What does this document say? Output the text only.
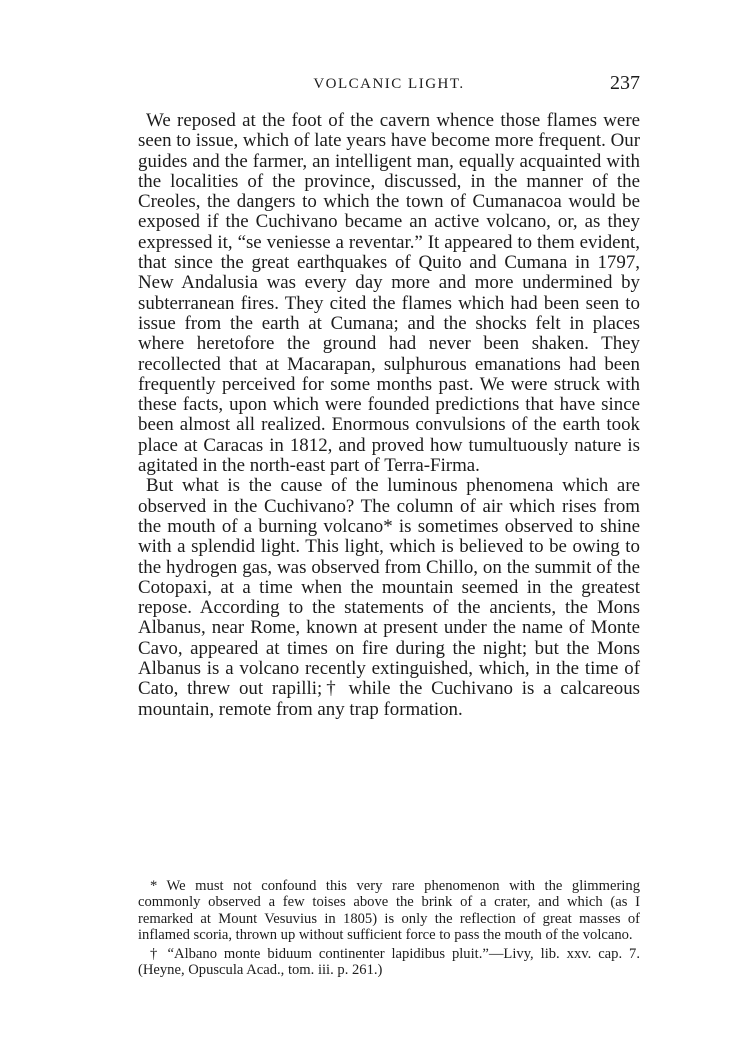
VOLCANIC LIGHT.	237

We reposed at the foot of the cavern whence those flames were seen to issue, which of late years have become more frequent. Our guides and the farmer, an intelligent man, equally acquainted with the localities of the province, discussed, in the manner of the Creoles, the dangers to which the town of Cumanacoa would be exposed if the Cuchivano became an active volcano, or, as they expressed it, “se veniesse a reventar.” It appeared to them evident, that since the great earthquakes of Quito and Cumana in 1797, New Andalusia was every day more and more undermined by subterranean fires. They cited the flames which had been seen to issue from the earth at Cumana; and the shocks felt in places where heretofore the ground had never been shaken. They recollected that at Macarapan, sulphurous emanations had been frequently perceived for some months past. We were struck with these facts, upon which were founded predictions that have since been almost all realized. Enormous convulsions of the earth took place at Caracas in 1812, and proved how tumultuously nature is agitated in the north-east part of Terra-Firma.

But what is the cause of the luminous phenomena which are observed in the Cuchivano? The column of air which rises from the mouth of a burning volcano* is sometimes observed to shine with a splendid light. This light, which is believed to be owing to the hydrogen gas, was observed from Chillo, on the summit of the Cotopaxi, at a time when the mountain seemed in the greatest repose. According to the statements of the ancients, the Mons Albanus, near Rome, known at present under the name of Monte Cavo, appeared at times on fire during the night; but the Mons Albanus is a volcano recently extinguished, which, in the time of Cato, threw out rapilli;† while the Cuchivano is a calcareous mountain, remote from any trap formation.

* We must not confound this very rare phenomenon with the glimmering commonly observed a few toises above the brink of a crater, and which (as I remarked at Mount Vesuvius in 1805) is only the reflection of great masses of inflamed scoria, thrown up without sufficient force to pass the mouth of the volcano.

† “Albano monte biduum continenter lapidibus pluit.”—Livy, lib. xxv. cap. 7. (Heyne, Opuscula Acad., tom. iii. p. 261.)
